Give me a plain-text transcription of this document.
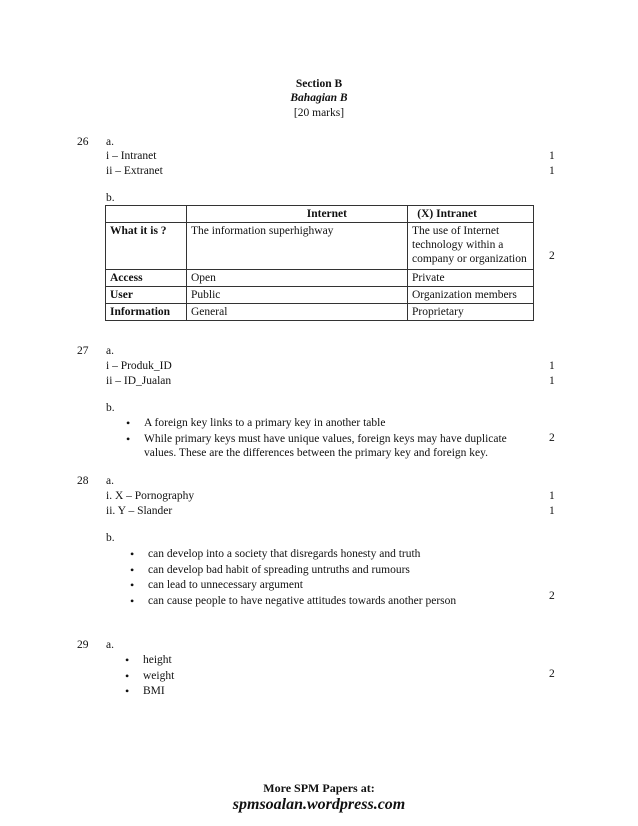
Section B
Bahagian B
[20 marks]
26 a.
i – Intranet	1
ii – Extranet	1
b.
	Internet	(X) Intranet
What it is ?	The information superhighway	The use of Internet technology within a company or organization
Access	Open	Private
User	Public	Organization members
Information	General	Proprietary
2
27 a.
i – Produk_ID	1
ii – ID_Jualan	1
b.
• A foreign key links to a primary key in another table
• While primary keys must have unique values, foreign keys may have duplicate
values. These are the differences between the primary key and foreign key.
2
28 a.
i. X – Pornography	1
ii. Y – Slander	1
b.
• can develop into a society that disregards honesty and truth
• can develop bad habit of spreading untruths and rumours
• can lead to unnecessary argument
• can cause people to have negative attitudes towards another person	2
29 a.
• height
• weight
• BMI
2
More SPM Papers at:
spmsoalan.wordpress.com
